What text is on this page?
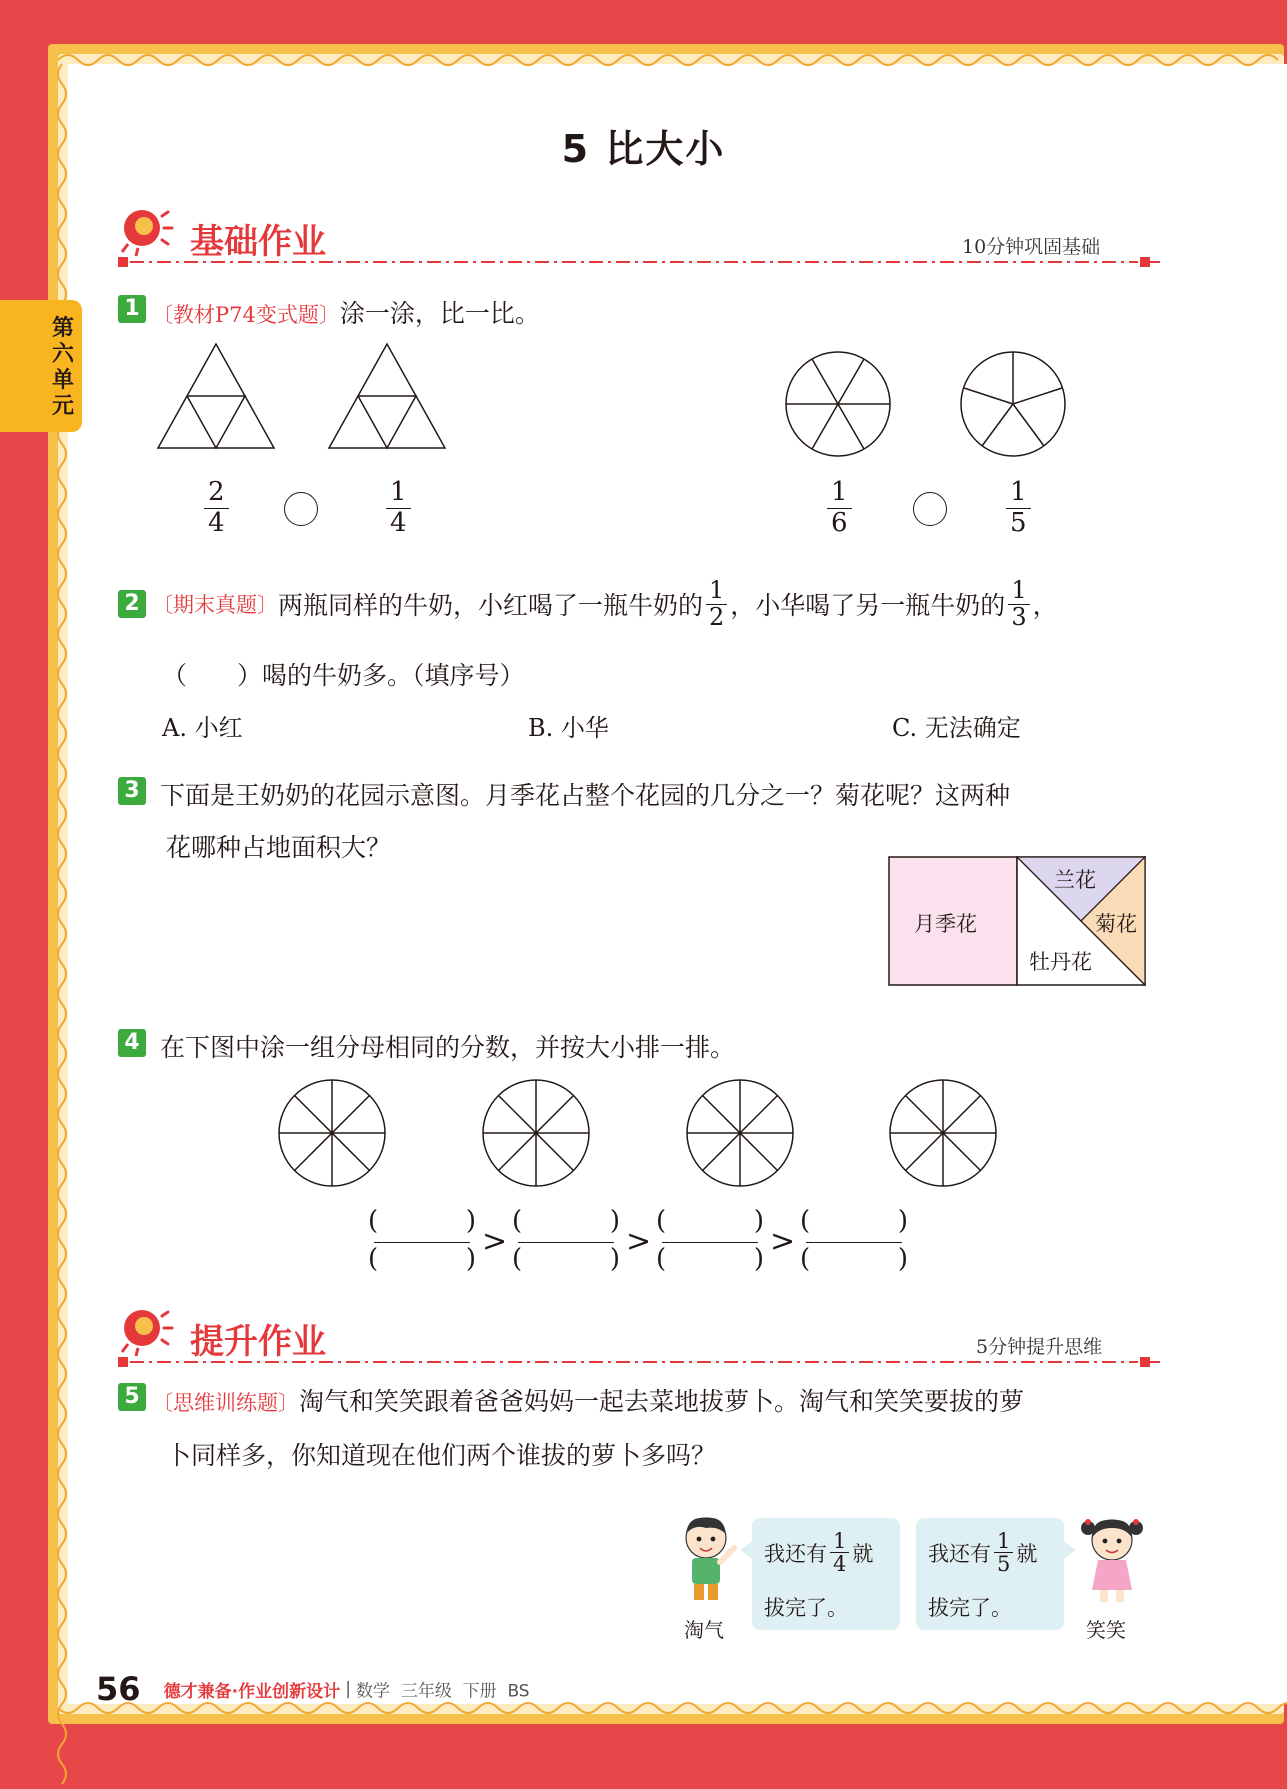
第六单元
5 比大小
基础作业	10分钟巩固基础
1 〔教材P74变式题〕涂一涂，比一比。
2
4
1
4
1
6
1
5
2 〔期末真题〕 两瓶同样的牛奶，小红喝了一瓶牛奶的 $\frac{1}{2}$ ，小华喝了另一瓶牛奶的 $\frac{1}{3}$ ，
（　　）喝的牛奶多。（填序号）
A. 小红	B. 小华	C. 无法确定
3 下面是王奶奶的花园示意图。月季花占整个花园的几分之一？菊花呢？这两种
花哪种占地面积大？
月季花
兰花
菊花
牡丹花
4 在下图中涂一组分母相同的分数，并按大小排一排。
(	)
(	) >
(	)
(	) >
(	)
(	) >
(	)
(	)
提升作业	5分钟提升思维
5 〔思维训练题〕淘气和笑笑跟着爸爸妈妈一起去菜地拔萝卜。淘气和笑笑要拔的萝
卜同样多，你知道现在他们两个谁拔的萝卜多吗？
淘气
我还有 $\frac{1}{4}$ 就
拔完了。
我还有 $\frac{1}{5}$ 就
拔完了。
笑笑
56 德才兼备·作业创新设计 | 数学  三年级  下册  BS
